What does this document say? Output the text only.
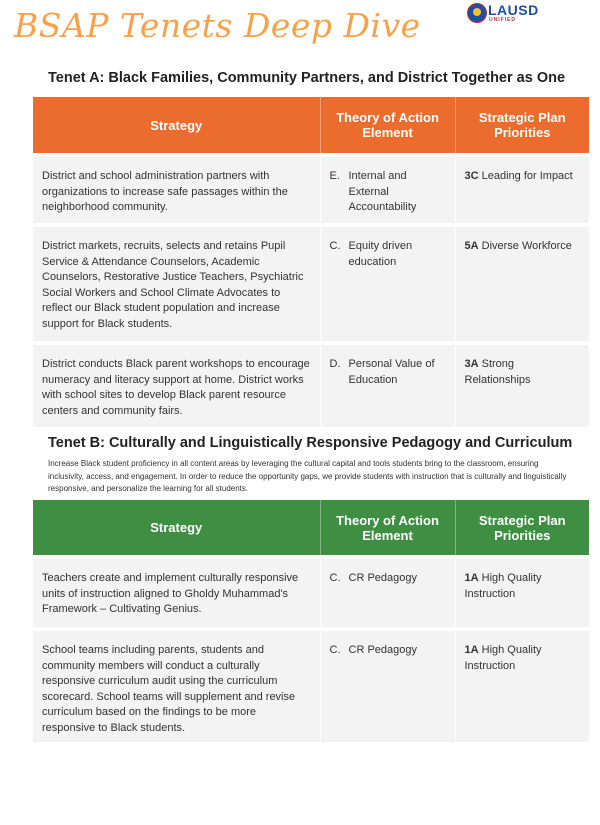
BSAP Tenets Deep Dive	LAUSD
UNIFIED
Tenet A: Black Families, Community Partners, and District Together as One
Strategy	Theory of Action Element	Strategic Plan Priorities
District and school administration partners with organizations to increase safe passages within the neighborhood community.	E. Internal and External Accountability	3C Leading for Impact
District markets, recruits, selects and retains Pupil Service & Attendance Counselors, Academic Counselors, Restorative Justice Teachers, Psychiatric Social Workers and School Climate Advocates to reflect our Black student population and increase support for Black students.	C. Equity driven education	5A Diverse Workforce
District conducts Black parent workshops to encourage numeracy and literacy support at home. District works with school sites to develop Black parent resource centers and community fairs.	D. Personal Value of Education	3A Strong Relationships
Tenet B: Culturally and Linguistically Responsive Pedagogy and Curriculum
Increase Black student proficiency in all content areas by leveraging the cultural capital and tools students bring to the classroom, ensuring inclusivity, access, and engagement. In order to reduce the opportunity gaps, we provide students with instruction that is culturally and linguistically responsive, and personalize the learning for all students.
Strategy	Theory of Action Element	Strategic Plan Priorities
Teachers create and implement culturally responsive units of instruction aligned to Gholdy Muhammad's Framework – Cultivating Genius.	C. CR Pedagogy	1A High Quality Instruction
School teams including parents, students and community members will conduct a culturally responsive curriculum audit using the curriculum scorecard. School teams will supplement and revise curriculum based on the findings to be more responsive to Black students.	C. CR Pedagogy	1A High Quality Instruction
